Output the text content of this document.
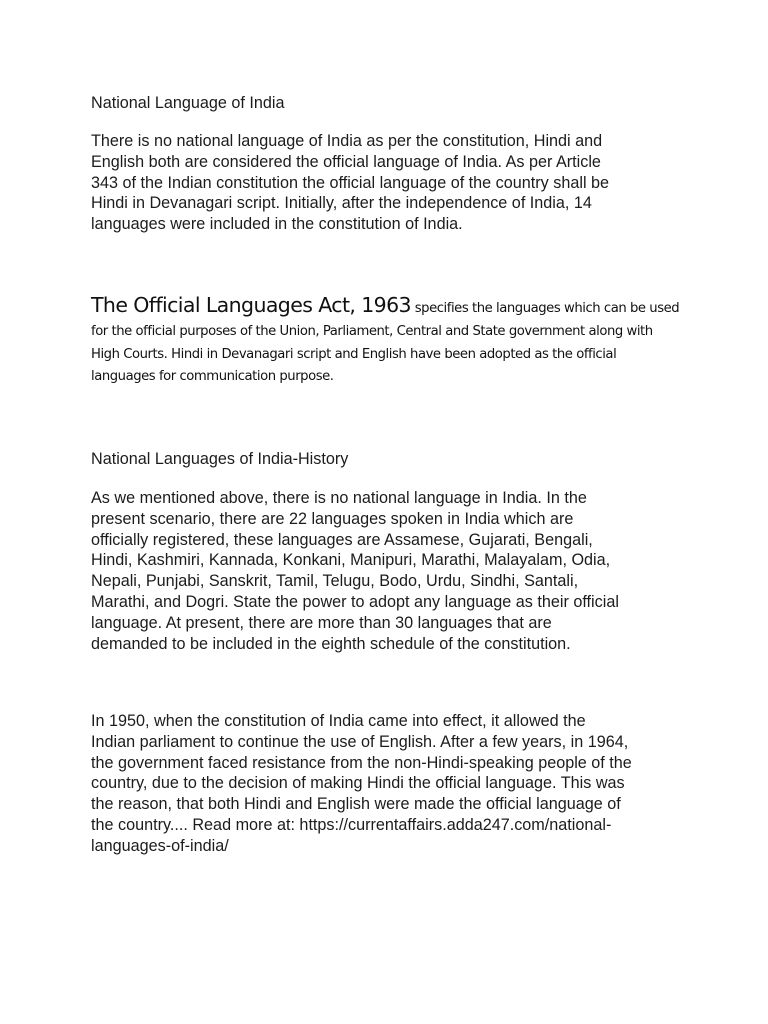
National Language of India

There is no national language of India as per the constitution, Hindi and
English both are considered the official language of India. As per Article
343 of the Indian constitution the official language of the country shall be
Hindi in Devanagari script. Initially, after the independence of India, 14
languages were included in the constitution of India.

The Official Languages Act, 1963 specifies the languages which can be used
for the official purposes of the Union, Parliament, Central and State government along with
High Courts. Hindi in Devanagari script and English have been adopted as the official
languages for communication purpose.

National Languages of India-History

As we mentioned above, there is no national language in India. In the
present scenario, there are 22 languages spoken in India which are
officially registered, these languages are Assamese, Gujarati, Bengali,
Hindi, Kashmiri, Kannada, Konkani, Manipuri, Marathi, Malayalam, Odia,
Nepali, Punjabi, Sanskrit, Tamil, Telugu, Bodo, Urdu, Sindhi, Santali,
Marathi, and Dogri. State the power to adopt any language as their official
language. At present, there are more than 30 languages that are
demanded to be included in the eighth schedule of the constitution.

In 1950, when the constitution of India came into effect, it allowed the
Indian parliament to continue the use of English. After a few years, in 1964,
the government faced resistance from the non-Hindi-speaking people of the
country, due to the decision of making Hindi the official language. This was
the reason, that both Hindi and English were made the official language of
the country.... Read more at: https://currentaffairs.adda247.com/national-
languages-of-india/
